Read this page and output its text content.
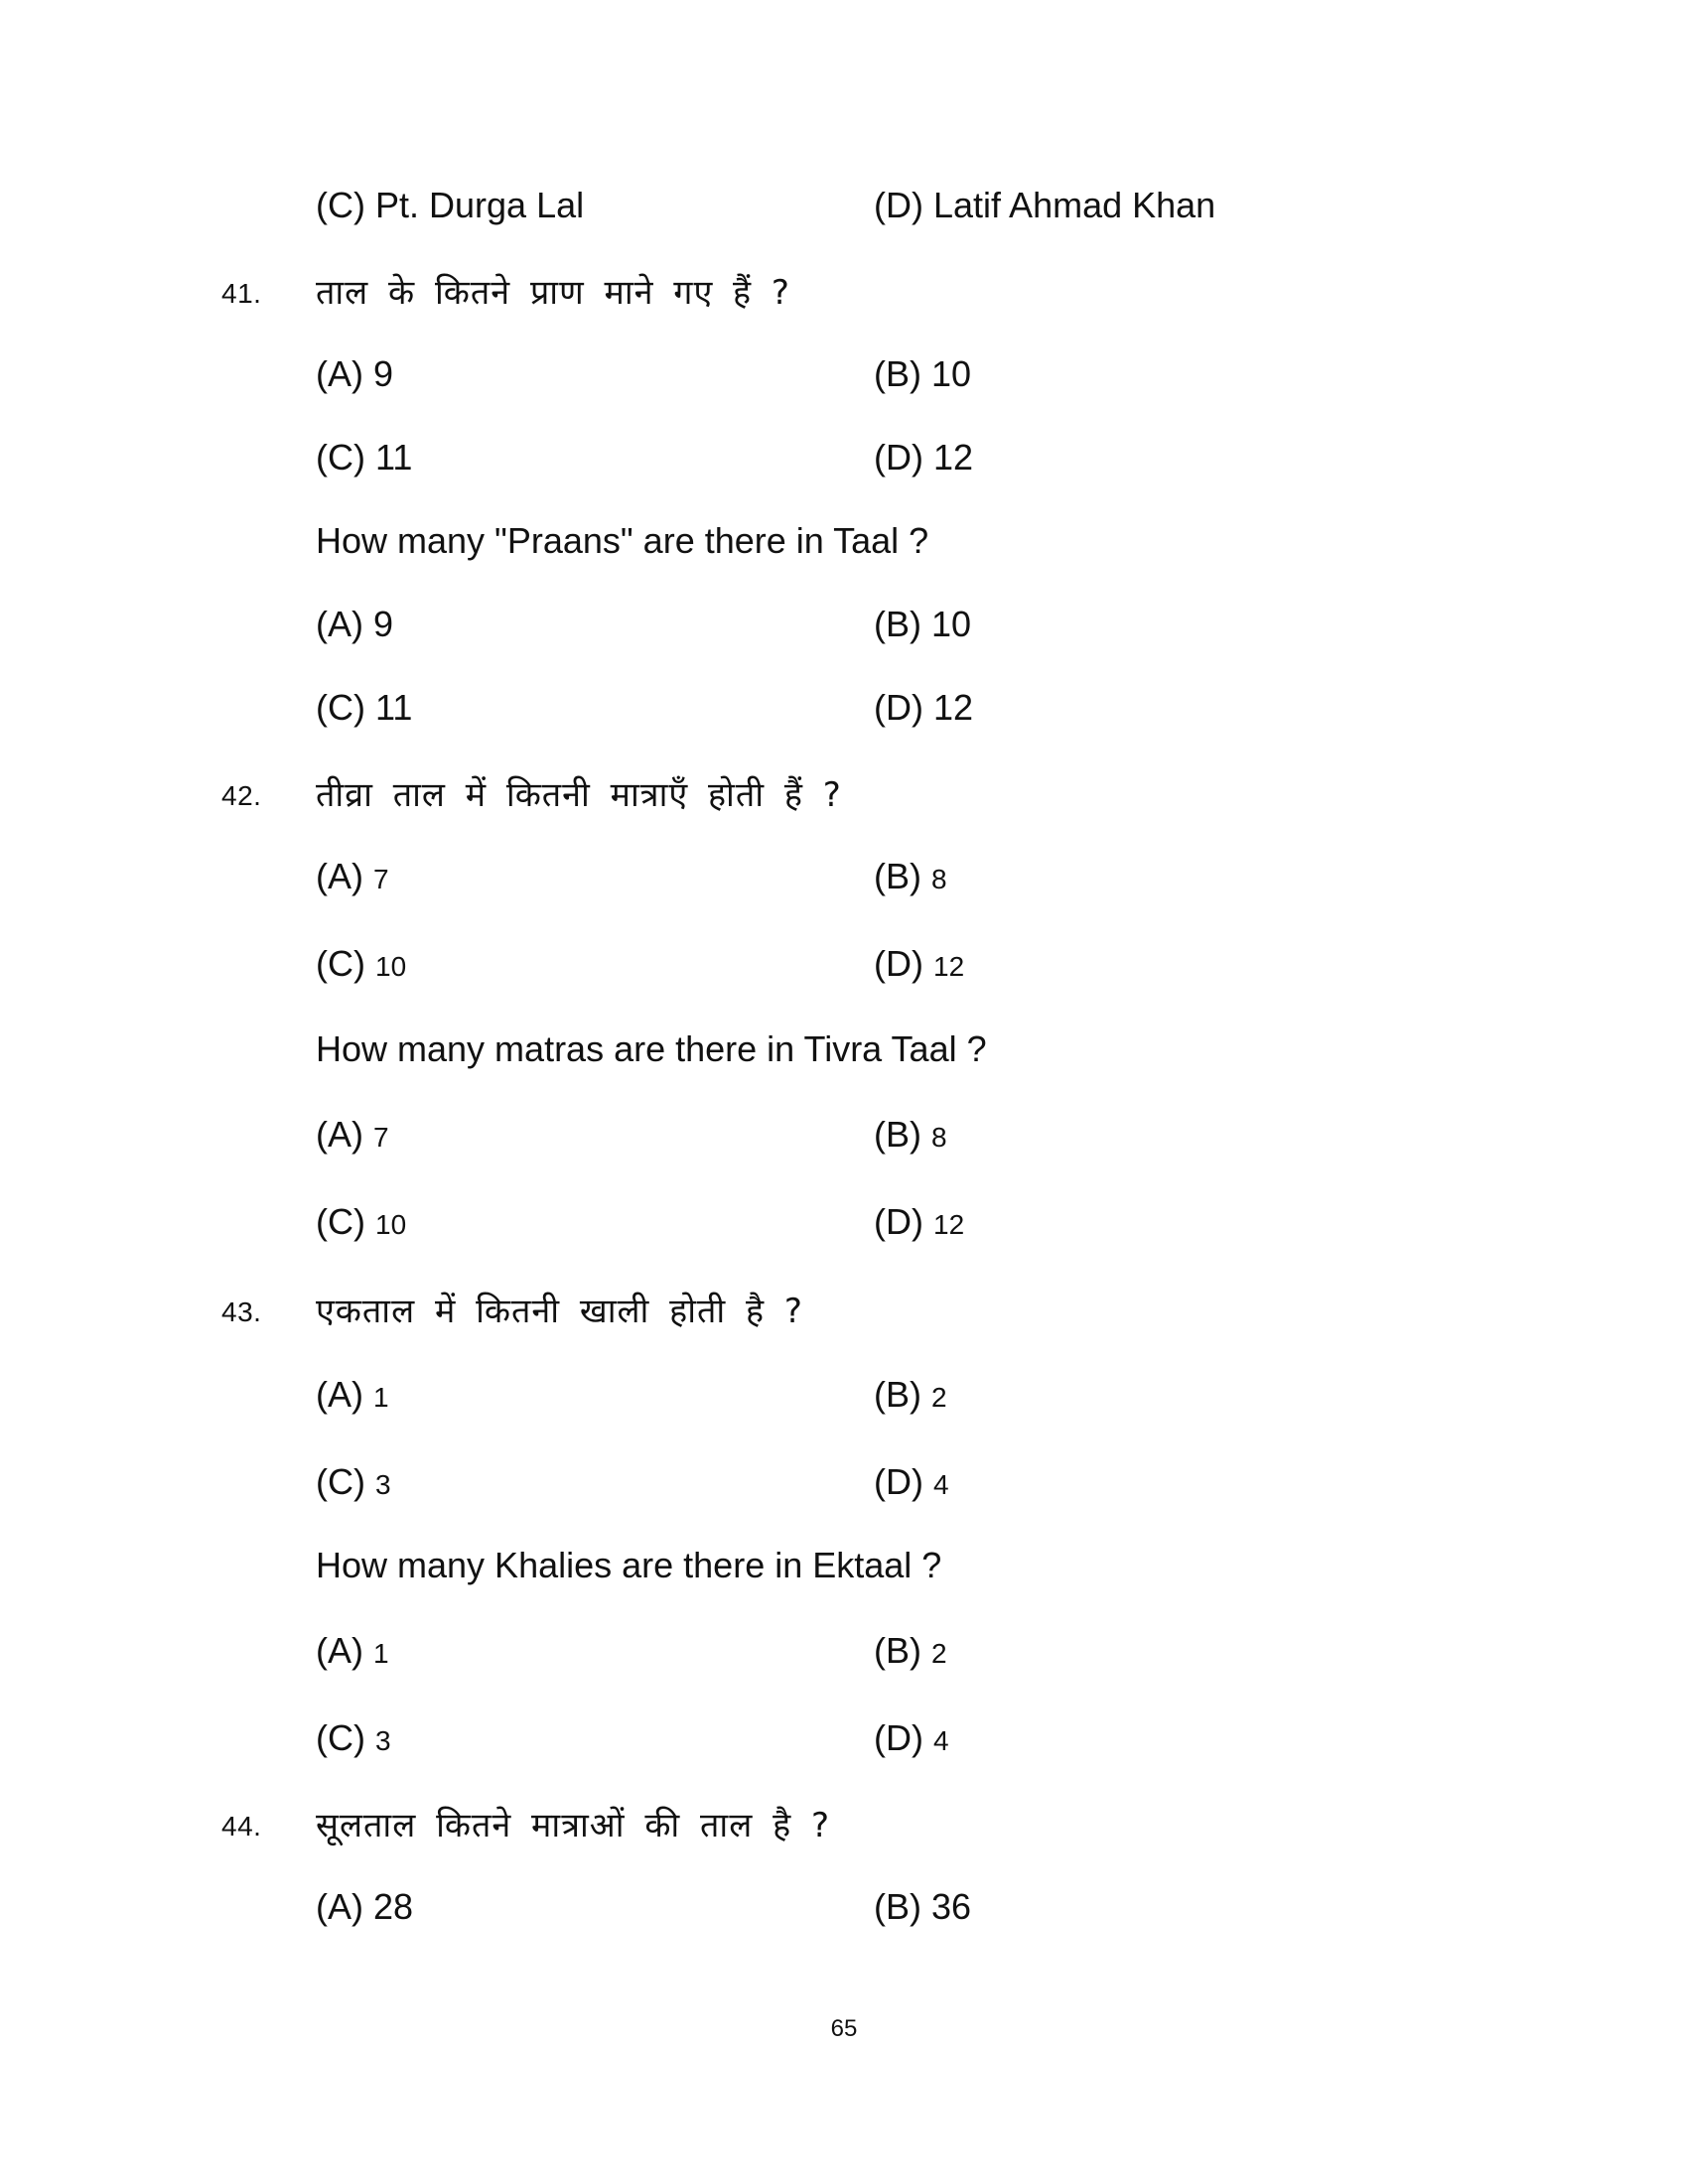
(C) Pt. Durga Lal	(D) Latif Ahmad Khan
41. ताल के कितने प्राण माने गए हैं ?
(A) 9	(B) 10
(C) 11	(D) 12
How many "Praans" are there in Taal ?
(A) 9	(B) 10
(C) 11	(D) 12
42. तीव्रा ताल में कितनी मात्राएँ होती हैं ?
(A) 7	(B) 8
(C) 10	(D) 12
How many matras are there in Tivra Taal ?
(A) 7	(B) 8
(C) 10	(D) 12
43. एकताल में कितनी खाली होती है ?
(A) 1	(B) 2
(C) 3	(D) 4
How many Khalies are there in Ektaal ?
(A) 1	(B) 2
(C) 3	(D) 4
44. सूलताल कितने मात्राओं की ताल है ?
(A) 28	(B) 36
65
